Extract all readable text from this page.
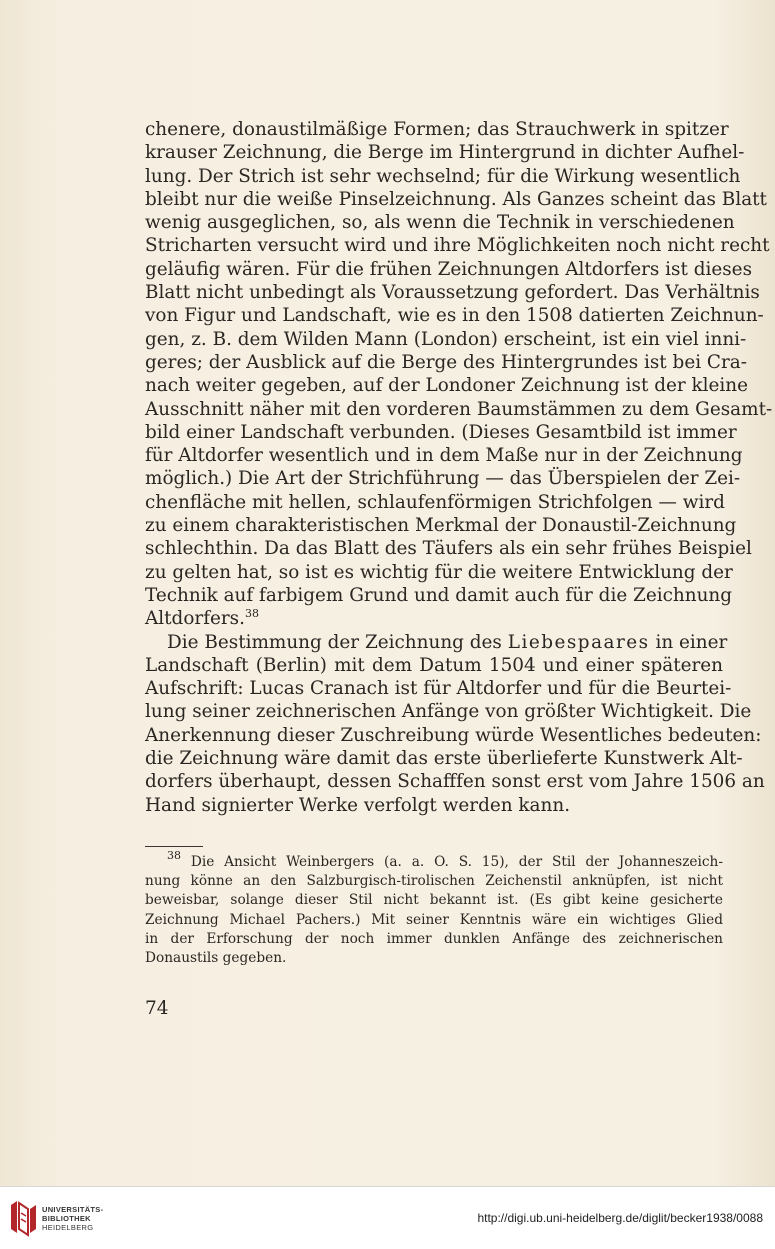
chenere, donaustilmäßige Formen; das Strauchwerk in spitzer
krauser Zeichnung, die Berge im Hintergrund in dichter Aufhel-
lung. Der Strich ist sehr wechselnd; für die Wirkung wesentlich
bleibt nur die weiße Pinselzeichnung. Als Ganzes scheint das Blatt
wenig ausgeglichen, so, als wenn die Technik in verschiedenen
Stricharten versucht wird und ihre Möglichkeiten noch nicht recht
geläufig wären. Für die frühen Zeichnungen Altdorfers ist dieses
Blatt nicht unbedingt als Voraussetzung gefordert. Das Verhältnis
von Figur und Landschaft, wie es in den 1508 datierten Zeichnun-
gen, z. B. dem Wilden Mann (London) erscheint, ist ein viel inni-
geres; der Ausblick auf die Berge des Hintergrundes ist bei Cra-
nach weiter gegeben, auf der Londoner Zeichnung ist der kleine
Ausschnitt näher mit den vorderen Baumstämmen zu dem Gesamt-
bild einer Landschaft verbunden. (Dieses Gesamtbild ist immer
für Altdorfer wesentlich und in dem Maße nur in der Zeichnung
möglich.) Die Art der Strichführung — das Überspielen der Zei-
chenfläche mit hellen, schlaufenförmigen Strichfolgen — wird
zu einem charakteristischen Merkmal der Donaustil-Zeichnung
schlechthin. Da das Blatt des Täufers als ein sehr frühes Beispiel
zu gelten hat, so ist es wichtig für die weitere Entwicklung der
Technik auf farbigem Grund und damit auch für die Zeichnung
Altdorfers.$^{38}$
Die Bestimmung der Zeichnung des Liebespaares in einer
Landschaft (Berlin) mit dem Datum 1504 und einer späteren
Aufschrift: Lucas Cranach ist für Altdorfer und für die Beurtei-
lung seiner zeichnerischen Anfänge von größter Wichtigkeit. Die
Anerkennung dieser Zuschreibung würde Wesentliches bedeuten:
die Zeichnung wäre damit das erste überlieferte Kunstwerk Alt-
dorfers überhaupt, dessen Schafffen sonst erst vom Jahre 1506 an
Hand signierter Werke verfolgt werden kann.
$^{38}$ Die Ansicht Weinbergers (a. a. O. S. 15), der Stil der Johanneszeich-
nung könne an den Salzburgisch-tirolischen Zeichenstil anknüpfen, ist nicht
beweisbar, solange dieser Stil nicht bekannt ist. (Es gibt keine gesicherte
Zeichnung Michael Pachers.) Mit seiner Kenntnis wäre ein wichtiges Glied
in der Erforschung der noch immer dunklen Anfänge des zeichnerischen
Donaustils gegeben.
74
UNIVERSITÄTS-
BIBLIOTHEK
HEIDELBERG
http://digi.ub.uni-heidelberg.de/diglit/becker1938/0088
